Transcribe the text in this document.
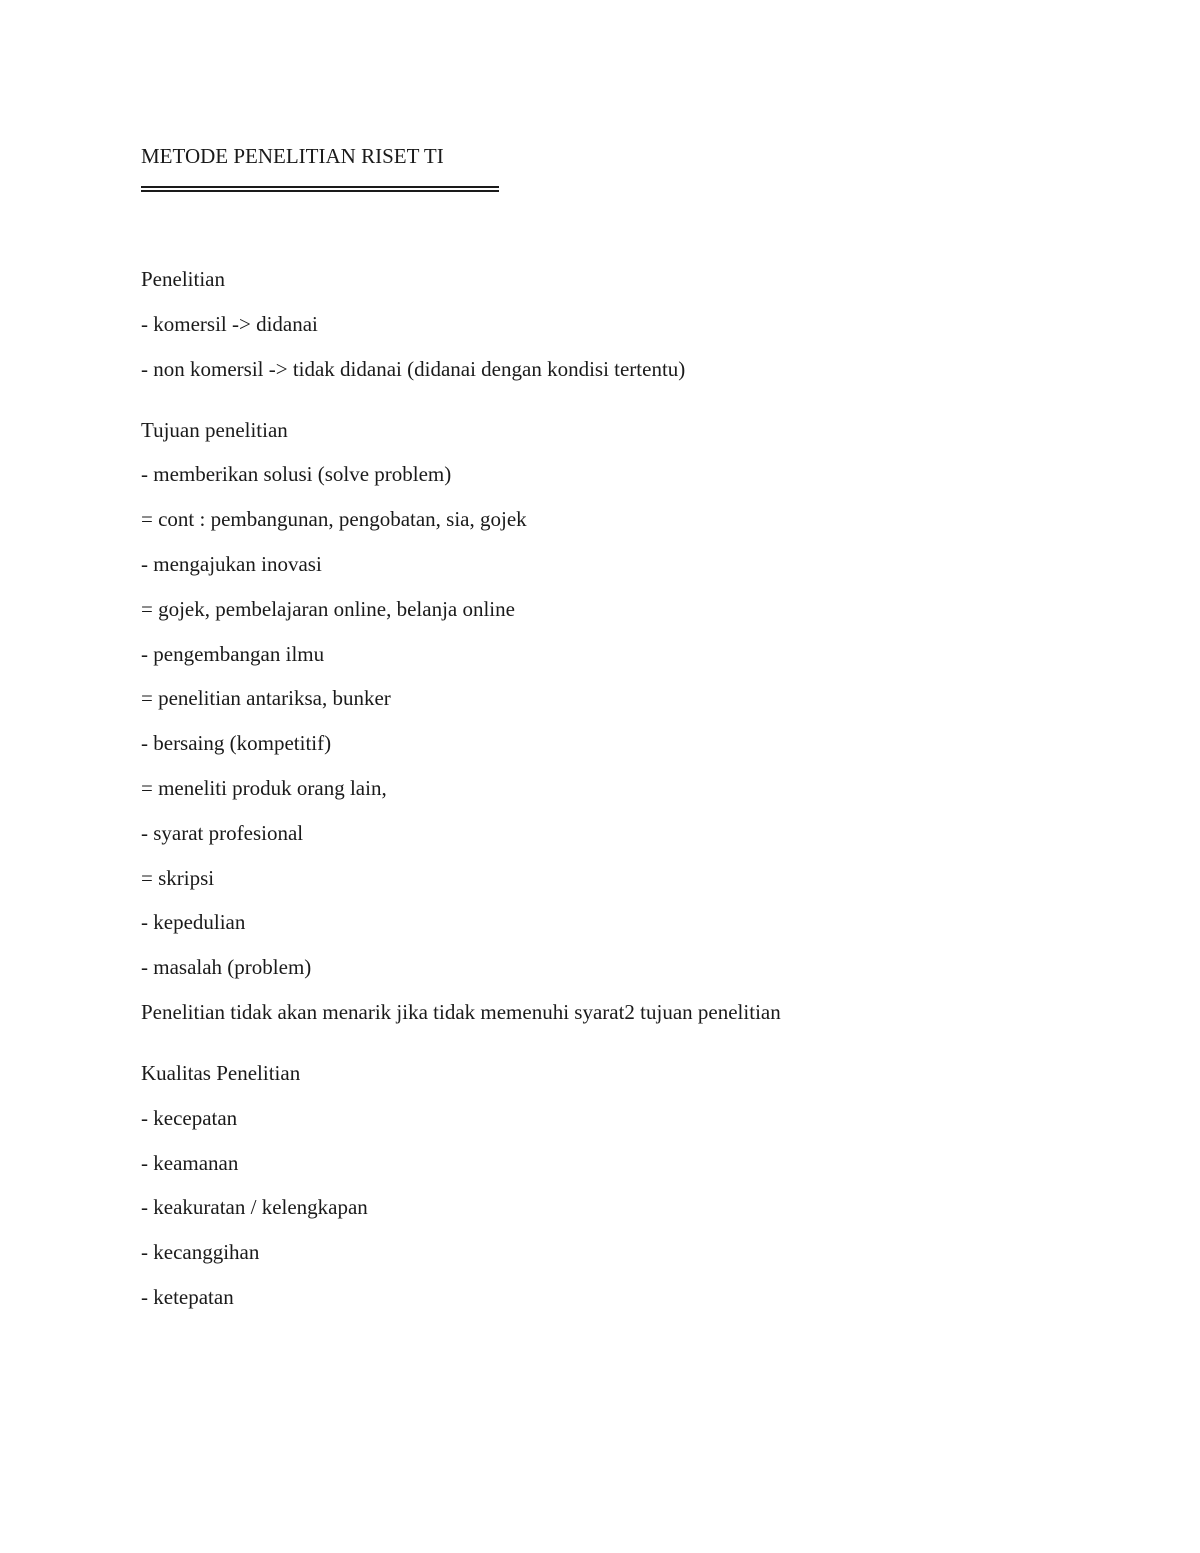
METODE PENELITIAN RISET TI
Penelitian
- komersil -> didanai
- non komersil -> tidak didanai (didanai dengan kondisi tertentu)
Tujuan penelitian
- memberikan solusi (solve problem)
= cont : pembangunan, pengobatan, sia, gojek
- mengajukan inovasi
= gojek, pembelajaran online, belanja online
- pengembangan ilmu
= penelitian antariksa, bunker
- bersaing (kompetitif)
= meneliti produk orang lain,
- syarat profesional
= skripsi
- kepedulian
- masalah (problem)
Penelitian tidak akan menarik jika tidak memenuhi syarat2 tujuan penelitian
Kualitas Penelitian
- kecepatan
- keamanan
- keakuratan / kelengkapan
- kecanggihan
- ketepatan
